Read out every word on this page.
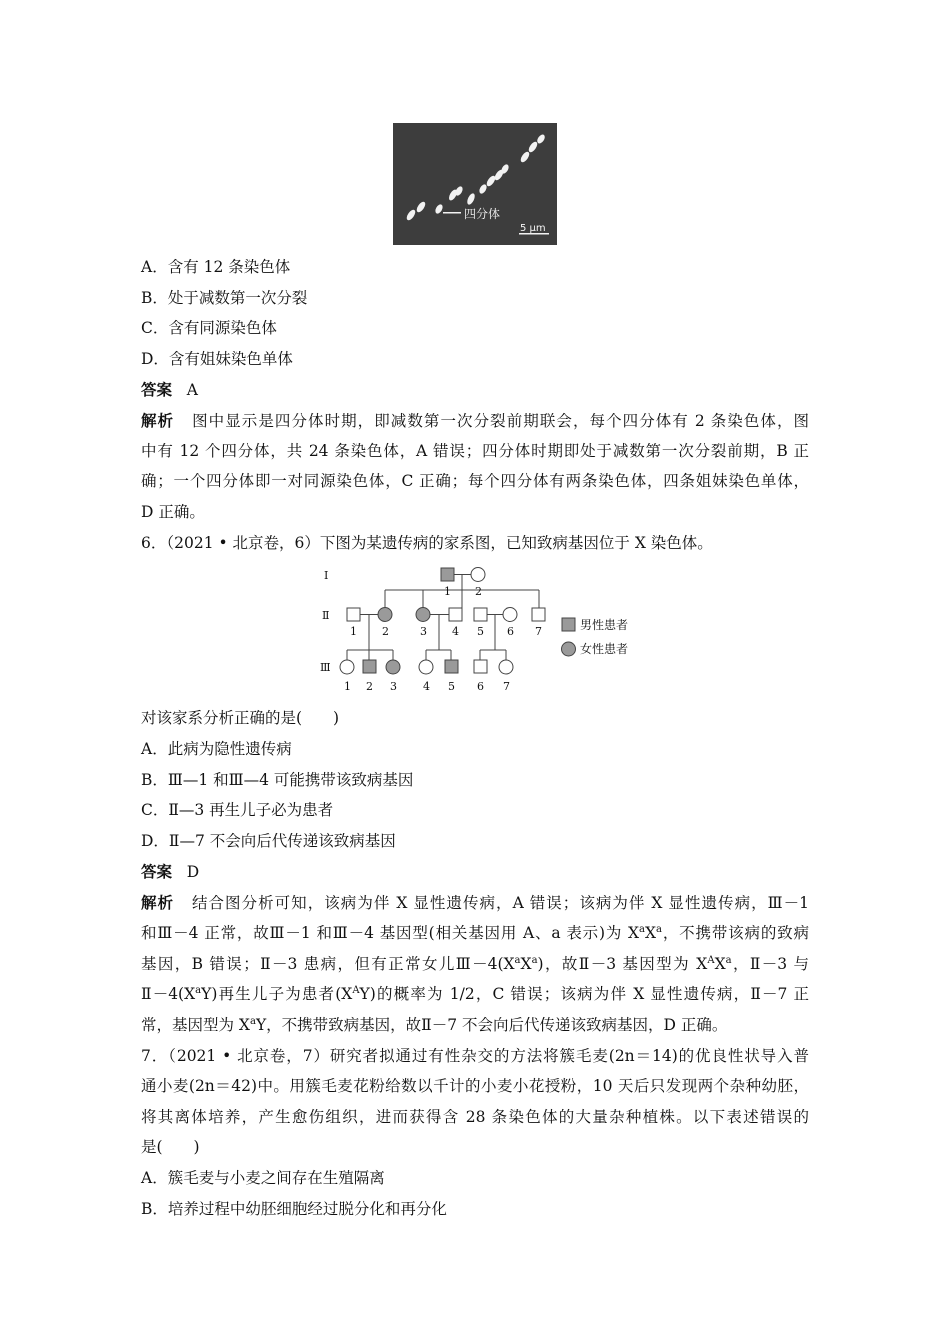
四分体
5 μm
A．含有 12 条染色体
B．处于减数第一次分裂
C．含有同源染色体
D．含有姐妹染色单体
答案 A
解析 图中显示是四分体时期，即减数第一次分裂前期联会，每个四分体有 2 条染色体，图
中有 12 个四分体，共 24 条染色体，A 错误；四分体时期即处于减数第一次分裂前期，B 正
确；一个四分体即一对同源染色体，C 正确；每个四分体有两条染色体，四条姐妹染色单体，
D 正确。
6．（2021 • 北京卷，6）下图为某遗传病的家系图，已知致病基因位于 X 染色体。
Ⅰ
Ⅱ
Ⅲ
1 2
1 2	3 4 5 6 7
1 2 3 4 5 6 7
男性患者
女性患者
对该家系分析正确的是(　　)
A．此病为隐性遗传病
B．Ⅲ—1 和Ⅲ—4 可能携带该致病基因
C．Ⅱ—3 再生儿子必为患者
D．Ⅱ—7 不会向后代传递该致病基因
答案 D
解析 结合图分析可知，该病为伴 X 显性遗传病，A 错误；该病为伴 X 显性遗传病，Ⅲ－1
和Ⅲ－4 正常，故Ⅲ－1 和Ⅲ－4 基因型(相关基因用 A、a 表示)为 $X^aX^a$，不携带该病的致病
基因，B 错误；Ⅱ－3 患病，但有正常女儿$Ⅲ-4(X^aX^a)$，故Ⅱ－3 基因型为 $X^AX^a$，Ⅱ－3 与
$Ⅱ-4(X^aY)$再生儿子为患者$(X^AY)$的概率为 1/2，C 错误；该病为伴 X 显性遗传病，Ⅱ－7 正
常，基因型为 $X^aY$，不携带致病基因，故Ⅱ－7 不会向后代传递该致病基因，D 正确。
7．（2021 • 北京卷，7）研究者拟通过有性杂交的方法将簇毛麦(2n＝14)的优良性状导入普
通小麦(2n＝42)中。用簇毛麦花粉给数以千计的小麦小花授粉，10 天后只发现两个杂种幼胚，
将其离体培养，产生愈伤组织，进而获得含 28 条染色体的大量杂种植株。以下表述错误的
是(　　)
A．簇毛麦与小麦之间存在生殖隔离
B．培养过程中幼胚细胞经过脱分化和再分化
